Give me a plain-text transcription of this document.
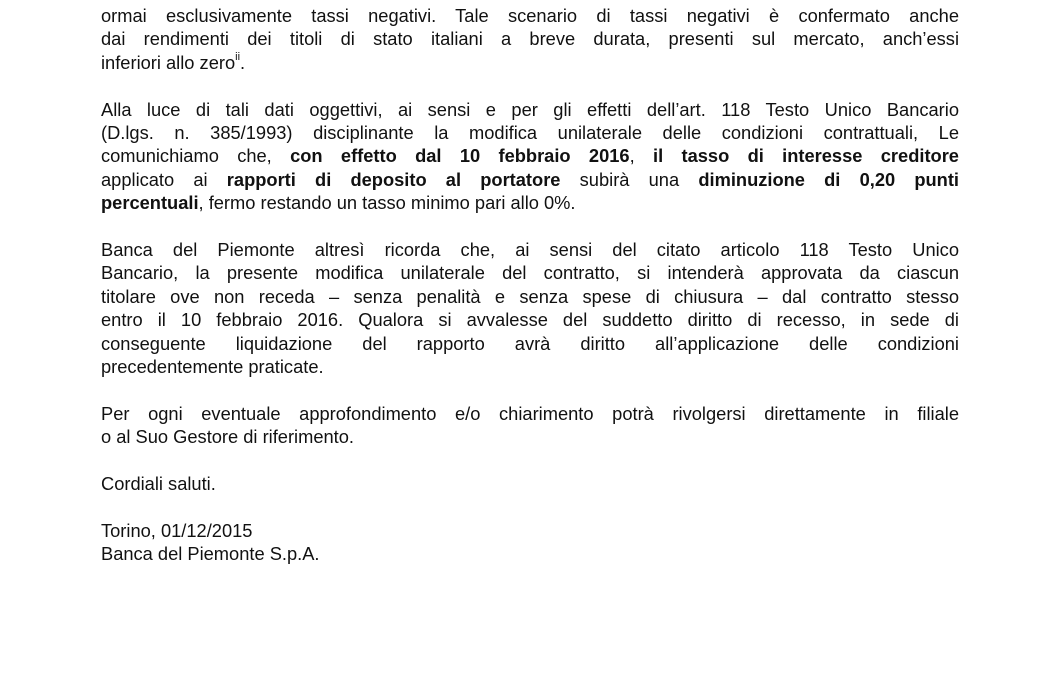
ormai esclusivamente tassi negativi. Tale scenario di tassi negativi è confermato anche
dai rendimenti dei titoli di stato italiani a breve durata, presenti sul mercato, anch’essi
inferiori allo zero$^{ii}$.
Alla luce di tali dati oggettivi, ai sensi e per gli effetti dell’art. 118 Testo Unico Bancario
(D.lgs. n. 385/1993) disciplinante la modifica unilaterale delle condizioni contrattuali, Le
comunichiamo che, con effetto dal 10 febbraio 2016, il tasso di interesse creditore
applicato ai rapporti di deposito al portatore subirà una diminuzione di 0,20 punti
percentuali, fermo restando un tasso minimo pari allo 0%.
Banca del Piemonte altresì ricorda che, ai sensi del citato articolo 118 Testo Unico
Bancario, la presente modifica unilaterale del contratto, si intenderà approvata da ciascun
titolare ove non receda – senza penalità e senza spese di chiusura – dal contratto stesso
entro il 10 febbraio 2016. Qualora si avvalesse del suddetto diritto di recesso, in sede di
conseguente liquidazione del rapporto avrà diritto all’applicazione delle condizioni
precedentemente praticate.
Per ogni eventuale approfondimento e/o chiarimento potrà rivolgersi direttamente in filiale
o al Suo Gestore di riferimento.
Cordiali saluti.
Torino, 01/12/2015
Banca del Piemonte S.p.A.
